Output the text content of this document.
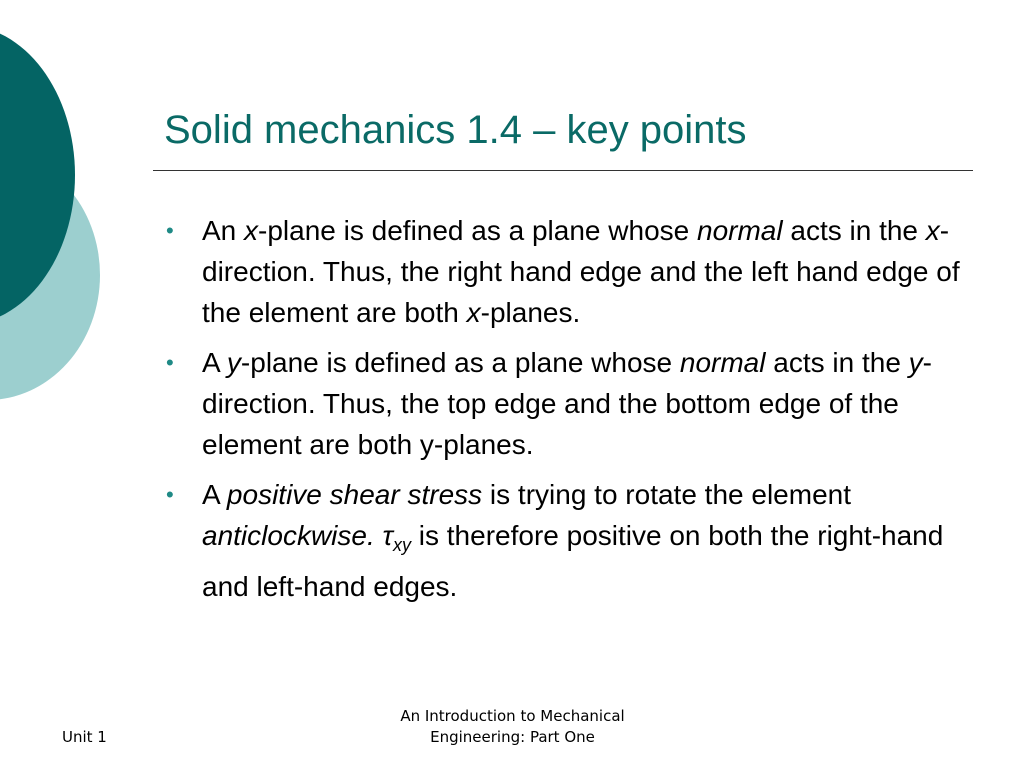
Solid mechanics 1.4 – key points
• An x-plane is defined as a plane whose normal acts in the x-direction. Thus, the right hand edge and the left hand edge of the element are both x-planes.
• A y-plane is defined as a plane whose normal acts in the y-direction. Thus, the top edge and the bottom edge of the element are both y-planes.
• A positive shear stress is trying to rotate the element anticlockwise. $\tau_{xy}$ is therefore positive on both the right-hand and left-hand edges.
Unit 1
An Introduction to Mechanical
Engineering: Part One
